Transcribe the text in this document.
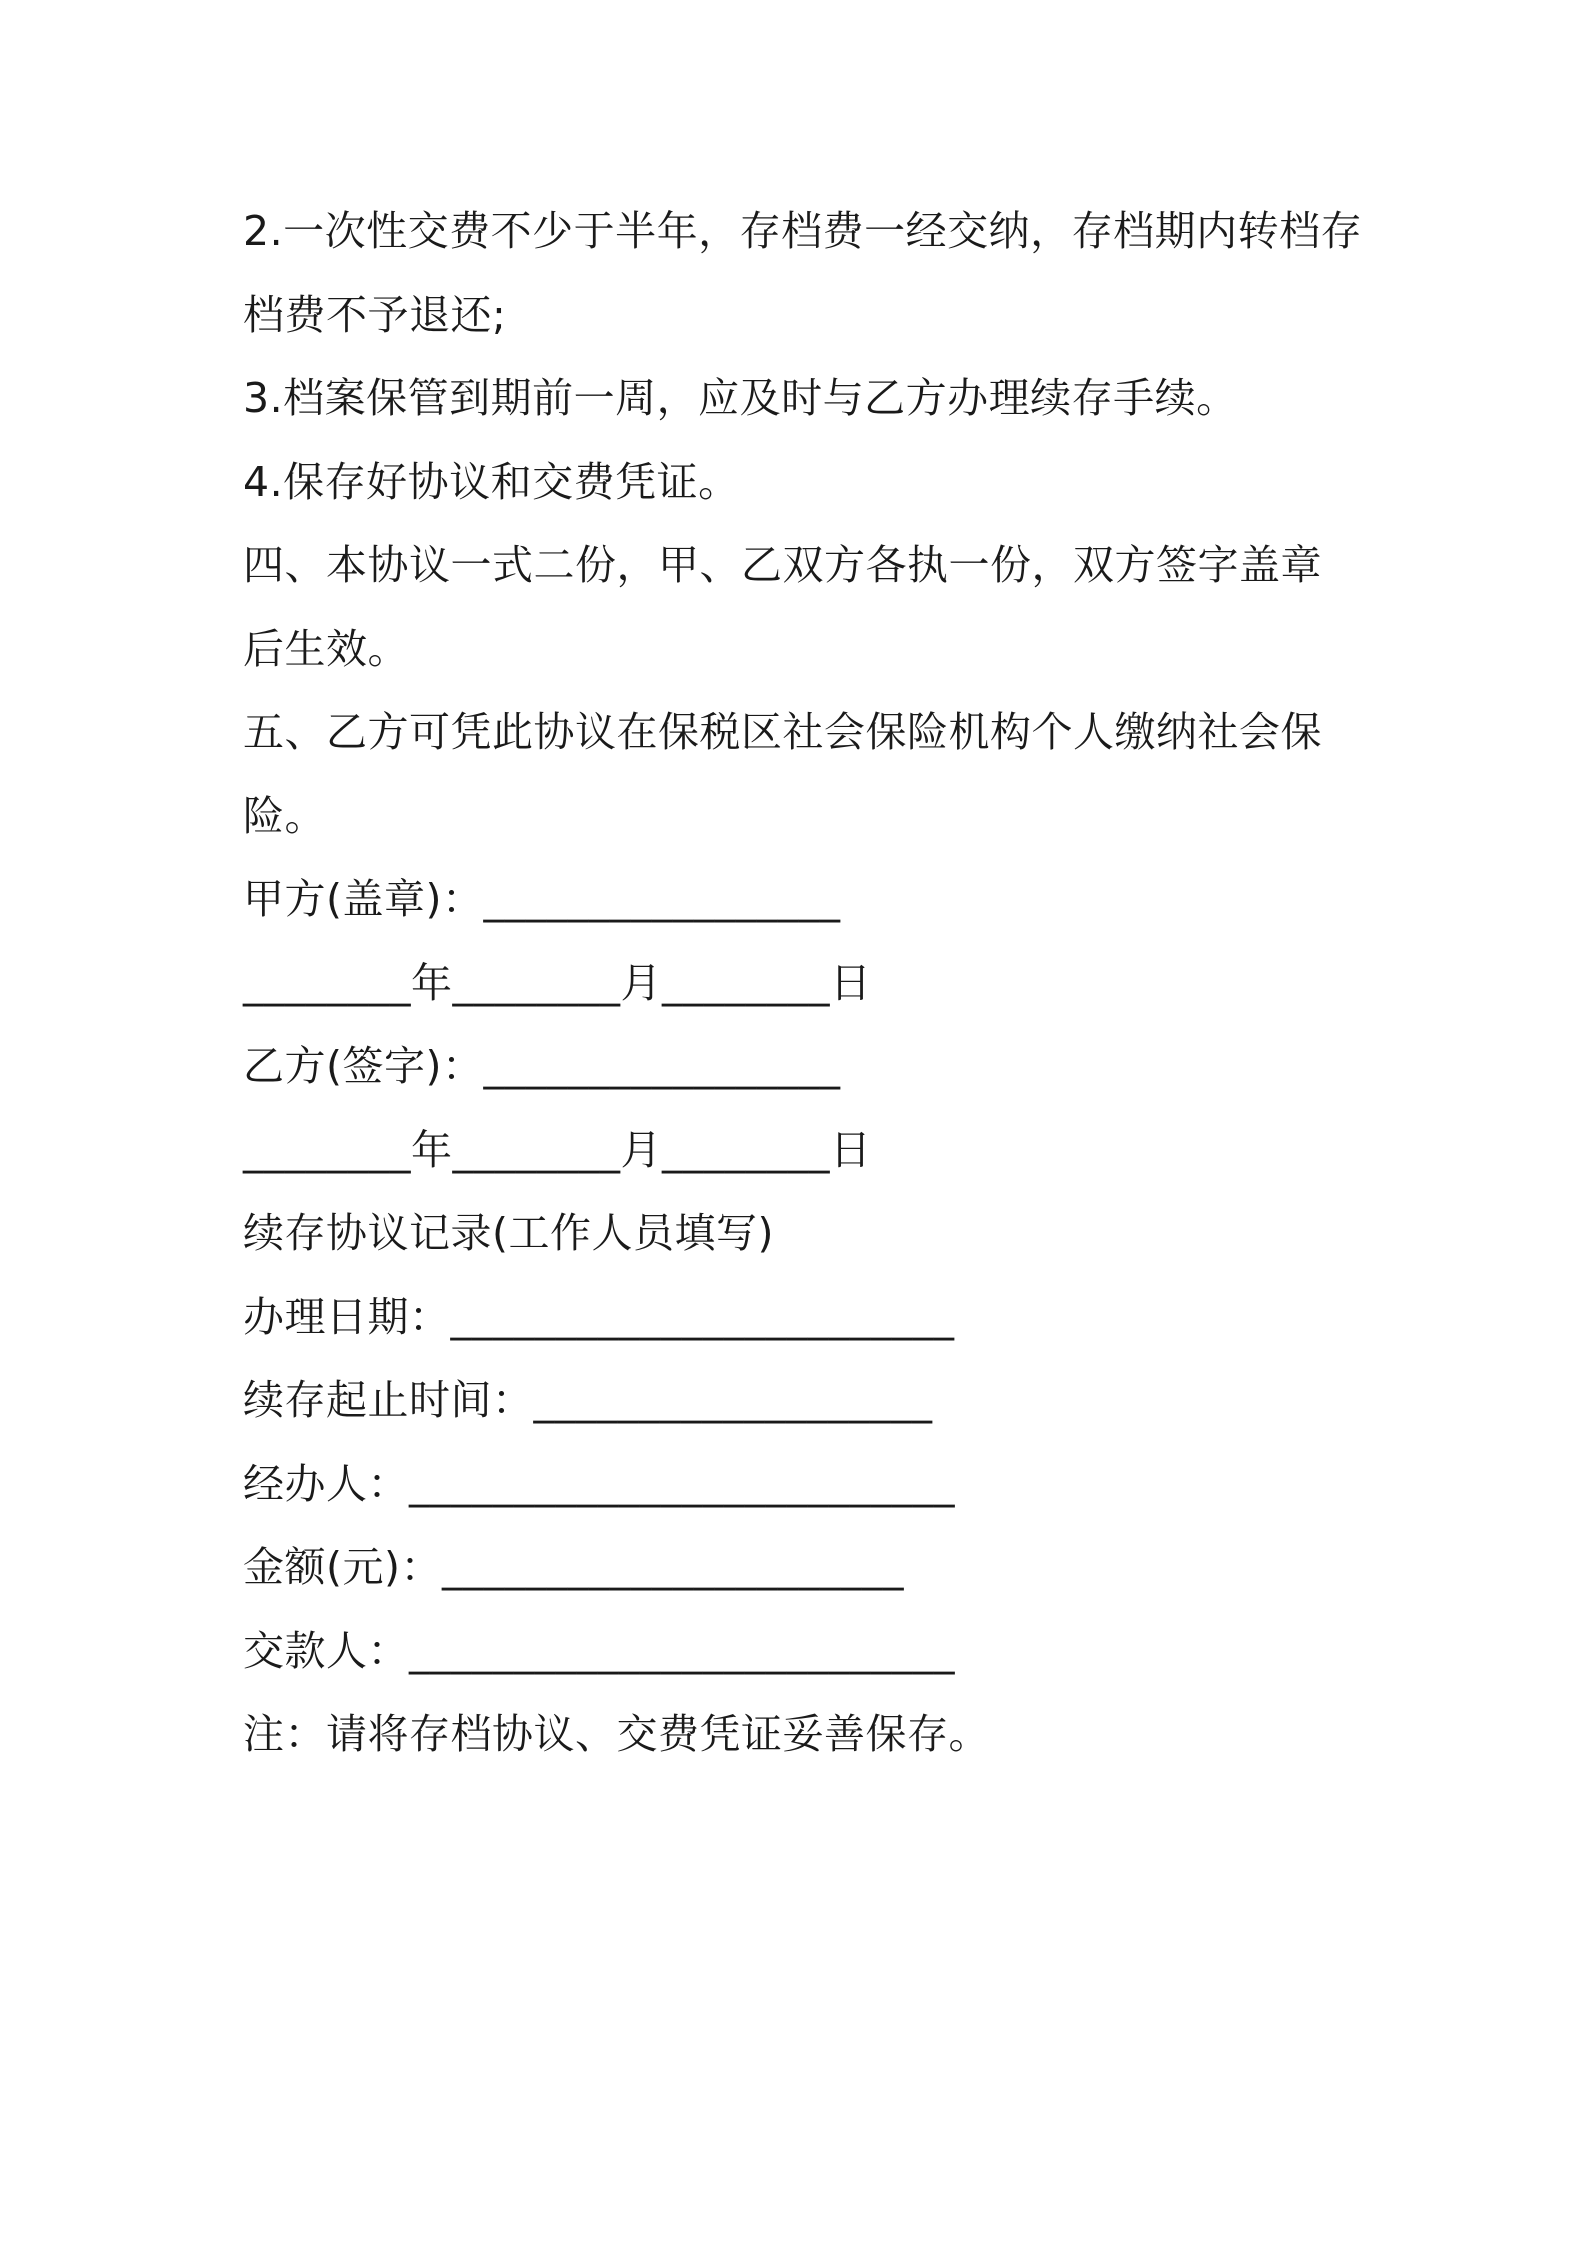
2.一次性交费不少于半年，存档费一经交纳，存档期内转档存档费不予退还;
3.档案保管到期前一周，应及时与乙方办理续存手续。
4.保存好协议和交费凭证。
四、本协议一式二份，甲、乙双方各执一份，双方签字盖章后生效。
五、乙方可凭此协议在保税区社会保险机构个人缴纳社会保险。
甲方(盖章)：_________________
________年________月________日
乙方(签字)：_________________
________年________月________日
续存协议记录(工作人员填写)
办理日期：________________________
续存起止时间：___________________
经办人：__________________________
金额(元)：______________________
交款人：__________________________
注：请将存档协议、交费凭证妥善保存。
